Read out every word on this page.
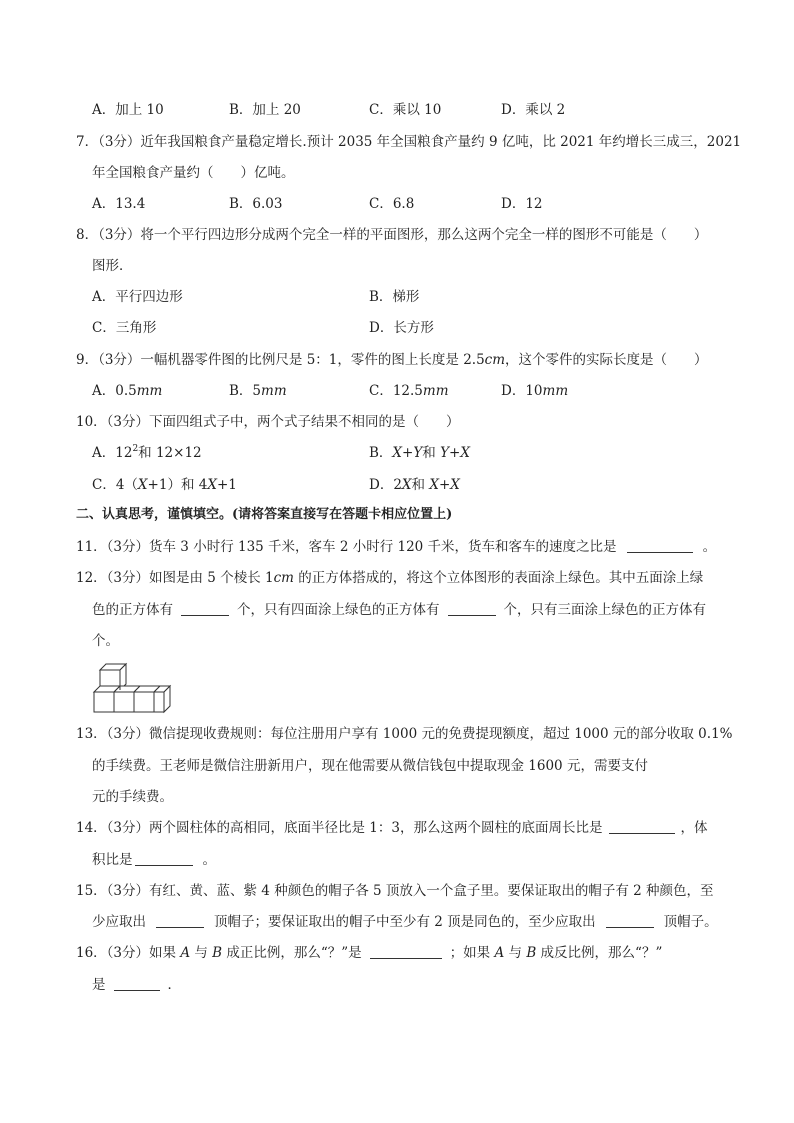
A．加上 10	B．加上 20	C．乘以 10	D．乘以 2
7．（3分）近年我国粮食产量稳定增长.预计 2035 年全国粮食产量约 9 亿吨，比 2021 年约增长三成三，2021
年全国粮食产量约（　　）亿吨。
A．13.4	B．6.03	C．6.8	D．12
8．（3分）将一个平行四边形分成两个完全一样的平面图形，那么这两个完全一样的图形不可能是（　　）
图形．
A．平行四边形	B．梯形
C．三角形	D．长方形
9．（3分）一幅机器零件图的比例尺是 5：1，零件的图上长度是 2.5cm，这个零件的实际长度是（　　）
A．0.5mm	B．5mm	C．12.5mm	D．10mm
10．（3分）下面四组式子中，两个式子结果不相同的是（　　）
A．$12^2$和 12×12	B．X+Y和 Y+X
C．4（X+1）和 4X+1	D．2X和 X+X
二、认真思考，谨慎填空。(请将答案直接写在答题卡相应位置上)
11．（3分）货车 3 小时行 135 千米，客车 2 小时行 120 千米，货车和客车的速度之比是	。
12．（3分）如图是由 5 个棱长 1cm 的正方体搭成的，将这个立体图形的表面涂上绿色。其中五面涂上绿
色的正方体有	个，只有四面涂上绿色的正方体有	个，只有三面涂上绿色的正方体有
个。
13．（3分）微信提现收费规则：每位注册用户享有 1000 元的免费提现额度，超过 1000 元的部分收取 0.1%
的手续费。王老师是微信注册新用户，现在他需要从微信钱包中提取现金 1600 元，需要支付
元的手续费。
14．（3分）两个圆柱体的高相同，底面半径比是 1：3，那么这两个圆柱的底面周长比是	，体
积比是	。
15．（3分）有红、黄、蓝、紫 4 种颜色的帽子各 5 顶放入一个盒子里。要保证取出的帽子有 2 种颜色，至
少应取出	顶帽子；要保证取出的帽子中至少有 2 顶是同色的，至少应取出	顶帽子。
16．（3分）如果 A 与 B 成正比例，那么“？”是	；如果 A 与 B 成反比例，那么“？”
是	．
